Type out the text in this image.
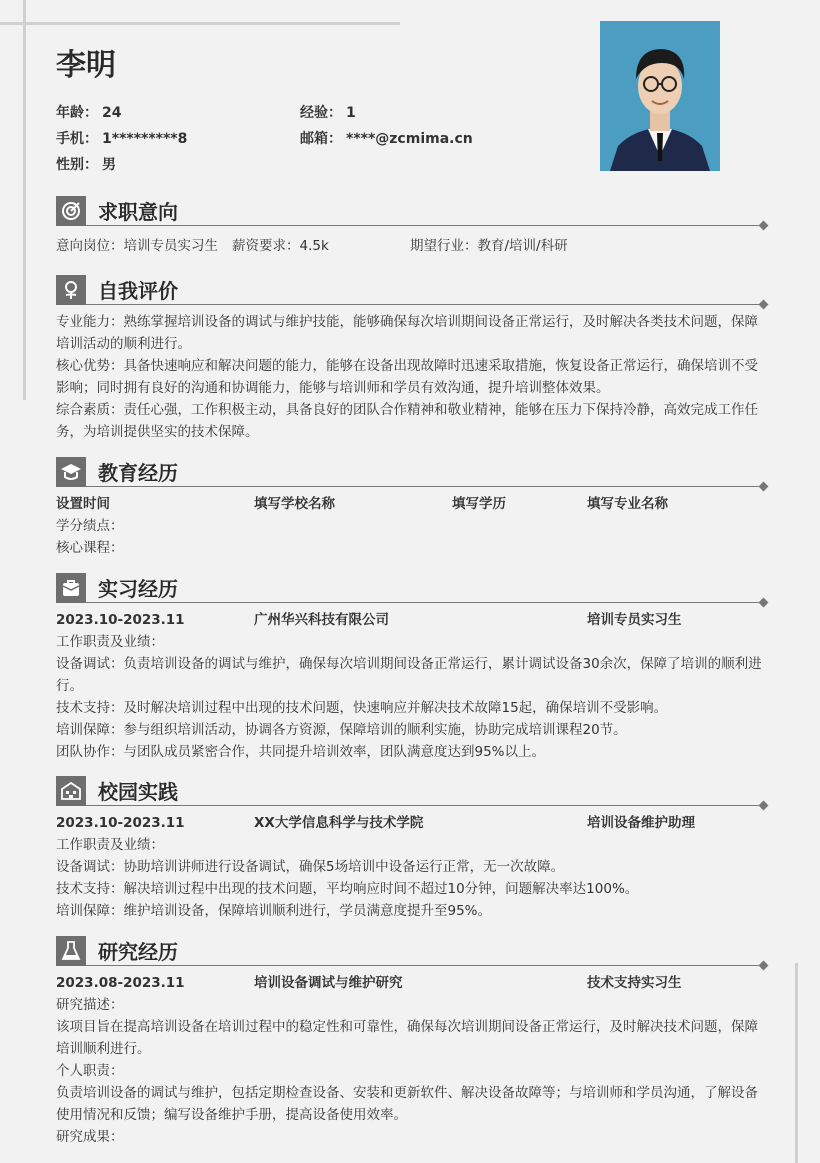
李明
年龄： 24	经验： 1
手机： 1*********8	邮箱： ****@zcmima.cn
性别： 男
求职意向
意向岗位：培训专员实习生	薪资要求：4.5k	期望行业：教育/培训/科研
自我评价

专业能力：熟练掌握培训设备的调试与维护技能，能够确保每次培训期间设备正常运行，及时解决各类技术问题，保障培训活动的顺利进行。

核心优势：具备快速响应和解决问题的能力，能够在设备出现故障时迅速采取措施，恢复设备正常运行，确保培训不受影响；同时拥有良好的沟通和协调能力，能够与培训师和学员有效沟通，提升培训整体效果。

综合素质：责任心强，工作积极主动，具备良好的团队合作精神和敬业精神，能够在压力下保持冷静，高效完成工作任务，为培训提供坚实的技术保障。

教育经历
设置时间	填写学校名称	填写学历	填写专业名称

学分绩点：

核心课程：

实习经历
2023.10-2023.11	广州华兴科技有限公司	培训专员实习生

工作职责及业绩：

设备调试：负责培训设备的调试与维护，确保每次培训期间设备正常运行，累计调试设备30余次，保障了培训的顺利进行。

技术支持：及时解决培训过程中出现的技术问题，快速响应并解决技术故障15起，确保培训不受影响。

培训保障：参与组织培训活动，协调各方资源，保障培训的顺利实施，协助完成培训课程20节。

团队协作：与团队成员紧密合作，共同提升培训效率，团队满意度达到95%以上。

校园实践
2023.10-2023.11	XX大学信息科学与技术学院	培训设备维护助理

工作职责及业绩：

设备调试：协助培训讲师进行设备调试，确保5场培训中设备运行正常，无一次故障。

技术支持：解决培训过程中出现的技术问题，平均响应时间不超过10分钟，问题解决率达100%。

培训保障：维护培训设备，保障培训顺利进行，学员满意度提升至95%。

研究经历
2023.08-2023.11	培训设备调试与维护研究	技术支持实习生

研究描述：

该项目旨在提高培训设备在培训过程中的稳定性和可靠性，确保每次培训期间设备正常运行，及时解决技术问题，保障培训顺利进行。

个人职责：

负责培训设备的调试与维护，包括定期检查设备、安装和更新软件、解决设备故障等；与培训师和学员沟通，了解设备使用情况和反馈；编写设备维护手册，提高设备使用效率。

研究成果：
